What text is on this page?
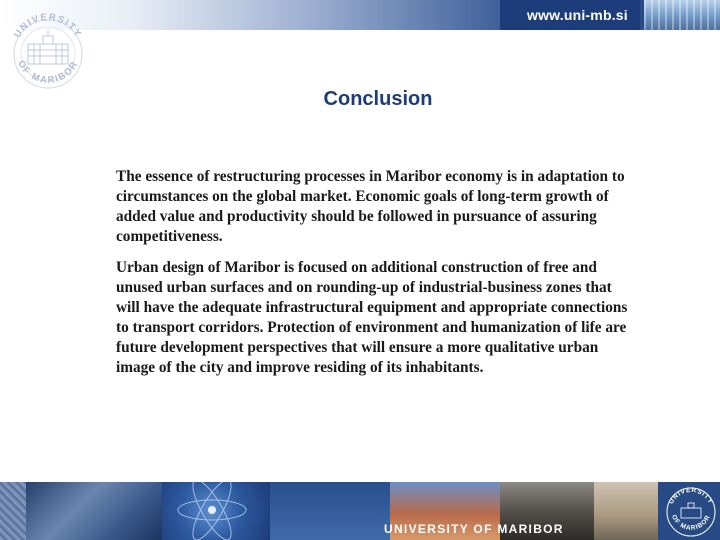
www.uni-mb.si
UNIVERSITY
OF MARIBOR
Conclusion

The essence of restructuring processes in Maribor economy is in adaptation to circumstances on the global market. Economic goals of long-term growth of added value and productivity should be followed in pursuance of assuring competitiveness.

Urban design of Maribor is focused on additional construction of free and unused urban surfaces and on rounding-up of industrial-business zones that will have the adequate infrastructural equipment and appropriate connections to transport corridors. Protection of environment and humanization of life are future development perspectives that will ensure a more qualitative urban image of the city and improve residing of its inhabitants.

UNIVERSITY OF MARIBOR
UNIVERSITY
OF MARIBOR
